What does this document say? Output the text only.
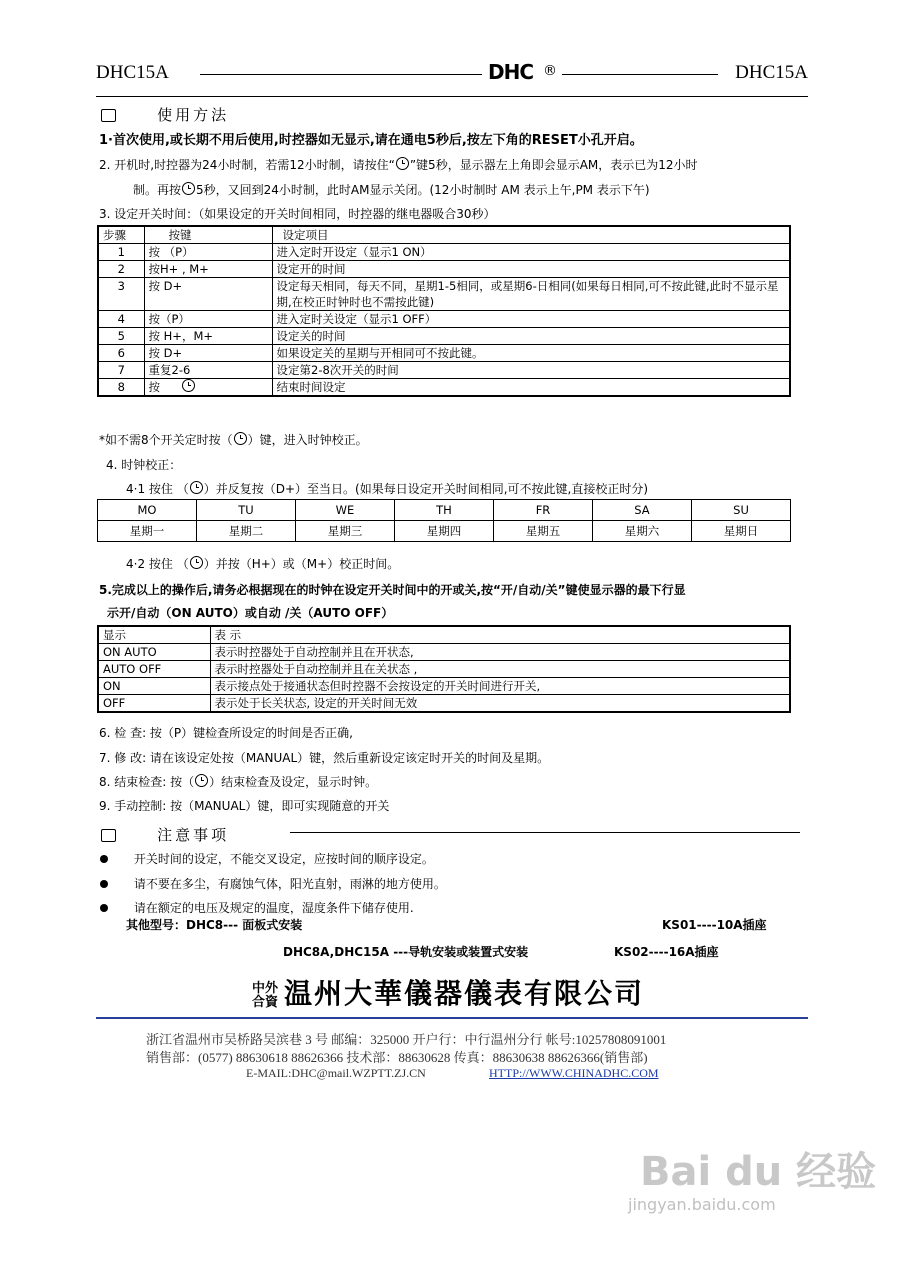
DHC15A	DHC ®	DHC15A
使用方法
1·首次使用,或长期不用后使用,时控器如无显示,请在通电5秒后,按左下角的RESET小孔开启。
2. 开机时,时控器为24小时制，若需12小时制，请按住“ ”键5秒，显示器左上角即会显示AM，表示已为12小时
制。再按 5秒，又回到24小时制，此时AM显示关闭。(12小时制时 AM 表示上午,PM 表示下午)
3. 设定开关时间：（如果设定的开关时间相同，时控器的继电器吸合30秒）
步骤	按键	设定项目
1	按 （P）	进入定时开设定（显示1 ON）
2	按H+ , M+	设定开的时间
3	按 D+	设定每天相同，每天不同，星期1-5相同，或星期6-日相同(如果每日相同,可不按此键,此时不显示星期,在校正时钟时也不需按此键)
4	按（P）	进入定时关设定（显示1 OFF）
5	按 H+，M+	设定关的时间
6	按 D+	如果设定关的星期与开相同可不按此键。
7	重复2-6	设定第2-8次开关的时间
8	按	结束时间设定
*如不需8个开关定时按（ ）键，进入时钟校正。
4. 时钟校正：
4·1 按住 （ ）并反复按（D+）至当日。(如果每日设定开关时间相同,可不按此键,直接校正时分)
MO	TU	WE	TH	FR	SA	SU
星期一	星期二	星期三	星期四	星期五	星期六	星期日
4·2 按住 （ ）并按（H+）或（M+）校正时间。
5.完成以上的操作后,请务必根据现在的时钟在设定开关时间中的开或关,按“开/自动/关”键使显示器的最下行显
示开/自动（ON AUTO）或自动 /关（AUTO OFF）
显示	表 示
ON AUTO	表示时控器处于自动控制并且在开状态,
AUTO OFF	表示时控器处于自动控制并且在关状态 ,
ON	表示接点处于接通状态但时控器不会按设定的开关时间进行开关,
OFF	表示处于长关状态, 设定的开关时间无效
6. 检 查: 按（P）键检查所设定的时间是否正确,
7. 修 改: 请在该设定处按（MANUAL）键，然后重新设定该定时开关的时间及星期。
8. 结束检查: 按（ ）结束检查及设定，显示时钟。
9. 手动控制: 按（MANUAL）键，即可实现随意的开关
注意事项
开关时间的设定，不能交叉设定，应按时间的顺序设定。
请不要在多尘，有腐蚀气体，阳光直射，雨淋的地方使用。
请在额定的电压及规定的温度，湿度条件下储存使用.
其他型号：DHC8--- 面板式安装	KS01----10A插座
DHC8A,DHC15A ---导轨安装或装置式安装	KS02----16A插座
中外
合資 温州大華儀器儀表有限公司
浙江省温州市吴桥路吴滨巷 3 号 邮编：325000 开户行：中行温州分行 帐号:10257808091001
销售部：(0577) 88630618 88626366 技术部：88630628 传真：88630638 88626366(销售部)
E-MAIL:DHC@mail.WZPTT.ZJ.CN	HTTP://WWW.CHINADHC.COM
Bai du 经验
jingyan.baidu.com
